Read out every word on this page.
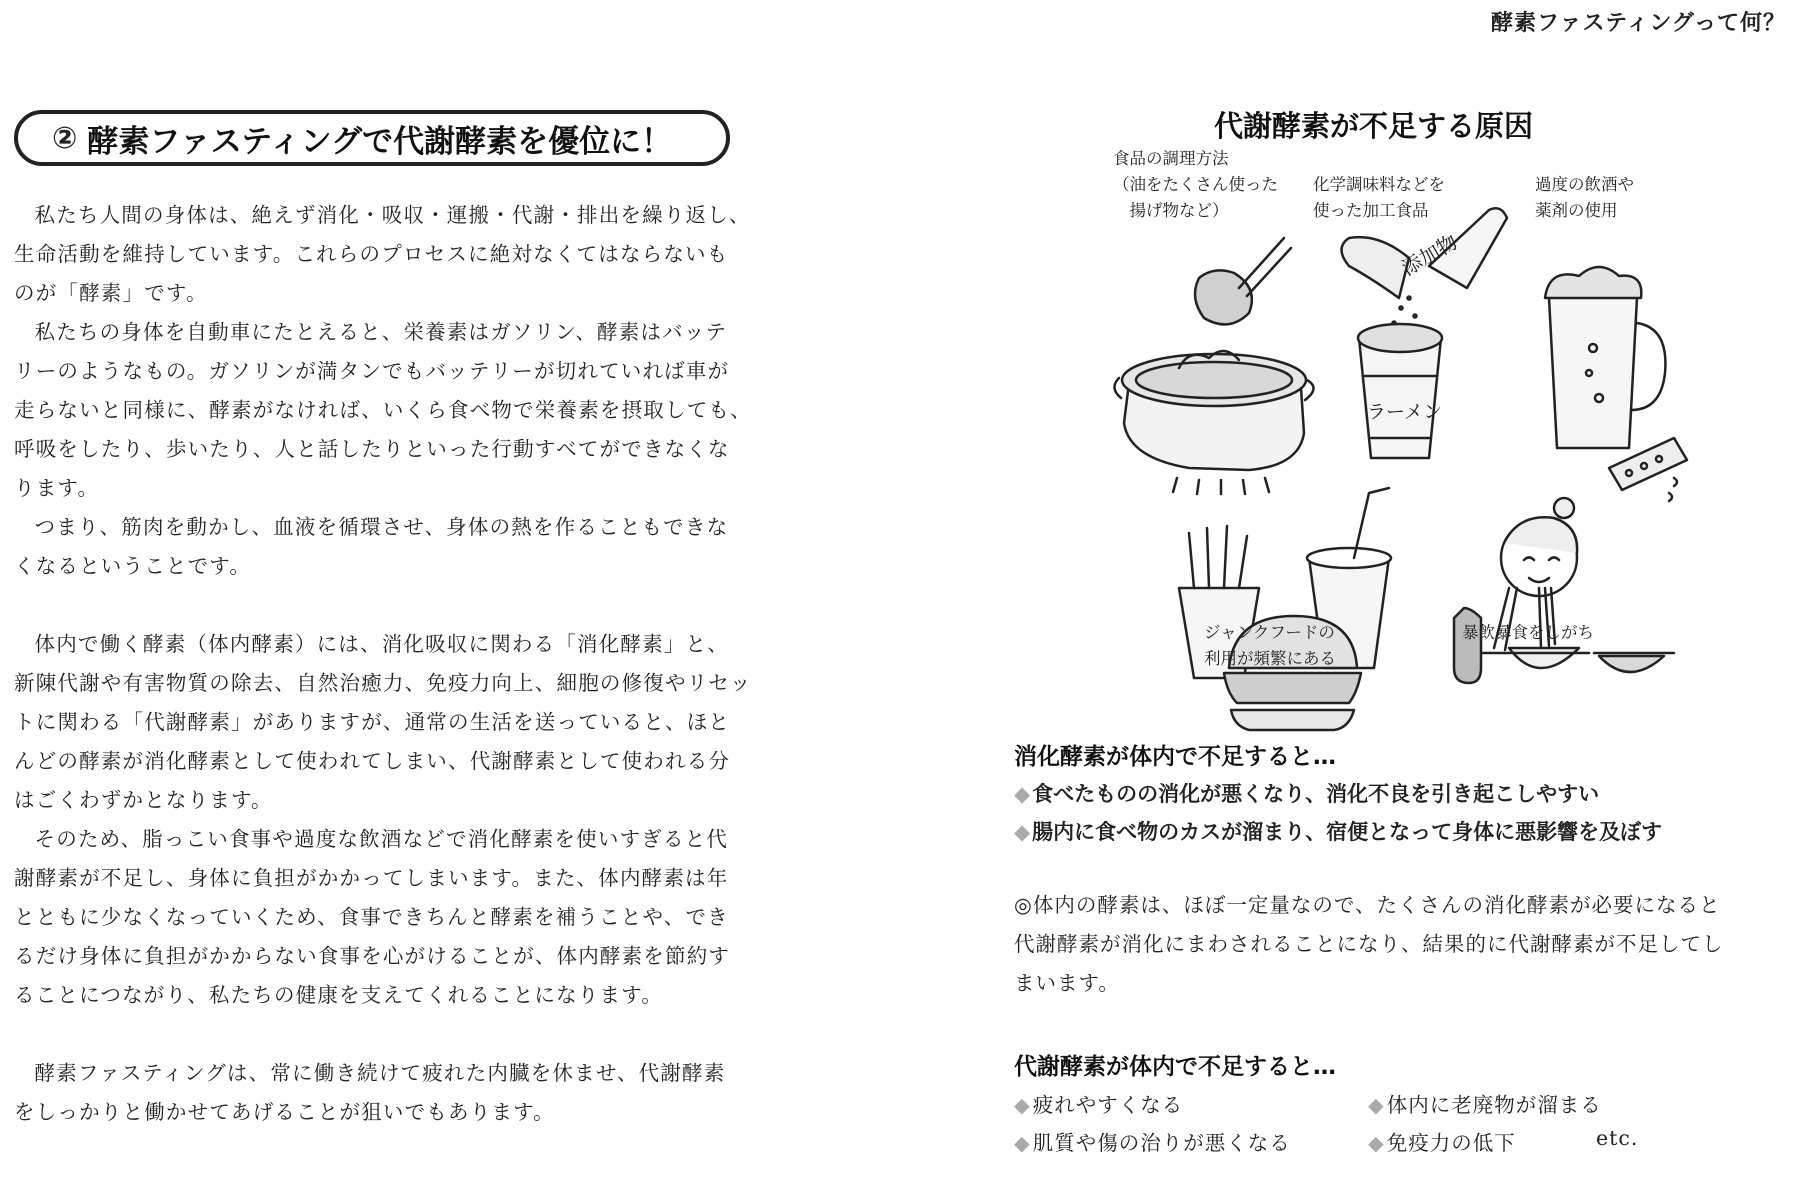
酵素ファスティングって何？
② 酵素ファスティングで代謝酵素を優位に！

私たち人間の身体は、絶えず消化・吸収・運搬・代謝・排出を繰り返し、

生命活動を維持しています。これらのプロセスに絶対なくてはならないも

のが「酵素」です。

私たちの身体を自動車にたとえると、栄養素はガソリン、酵素はバッテ

リーのようなもの。ガソリンが満タンでもバッテリーが切れていれば車が

走らないと同様に、酵素がなければ、いくら食べ物で栄養素を摂取しても、

呼吸をしたり、歩いたり、人と話したりといった行動すべてができなくな

ります。

つまり、筋肉を動かし、血液を循環させ、身体の熱を作ることもできな

くなるということです。

体内で働く酵素（体内酵素）には、消化吸収に関わる「消化酵素」と、

新陳代謝や有害物質の除去、自然治癒力、免疫力向上、細胞の修復やリセッ

トに関わる「代謝酵素」がありますが、通常の生活を送っていると、ほと

んどの酵素が消化酵素として使われてしまい、代謝酵素として使われる分

はごくわずかとなります。

そのため、脂っこい食事や過度な飲酒などで消化酵素を使いすぎると代

謝酵素が不足し、身体に負担がかかってしまいます。また、体内酵素は年

とともに少なくなっていくため、食事できちんと酵素を補うことや、でき

るだけ身体に負担がかからない食事を心がけることが、体内酵素を節約す

ることにつながり、私たちの健康を支えてくれることになります。

酵素ファスティングは、常に働き続けて疲れた内臓を休ませ、代謝酵素

をしっかりと働かせてあげることが狙いでもあります。

代謝酵素が不足する原因
添加物
ラーメン
食品の調理方法
（油をたくさん使った
　揚げ物など）
化学調味料などを
使った加工食品
過度の飲酒や
薬剤の使用
ジャンクフードの
利用が頻繁にある
暴飲暴食をしがち
消化酵素が体内で不足すると…
◆食べたものの消化が悪くなり、消化不良を引き起こしやすい
◆腸内に食べ物のカスが溜まり、宿便となって身体に悪影響を及ぼす

◎体内の酵素は、ほぼ一定量なので、たくさんの消化酵素が必要になると

代謝酵素が消化にまわされることになり、結果的に代謝酵素が不足してし

まいます。

代謝酵素が体内で不足すると…
◆疲れやすくなる	◆体内に老廃物が溜まる
◆肌質や傷の治りが悪くなる	◆免疫力の低下	etc.
